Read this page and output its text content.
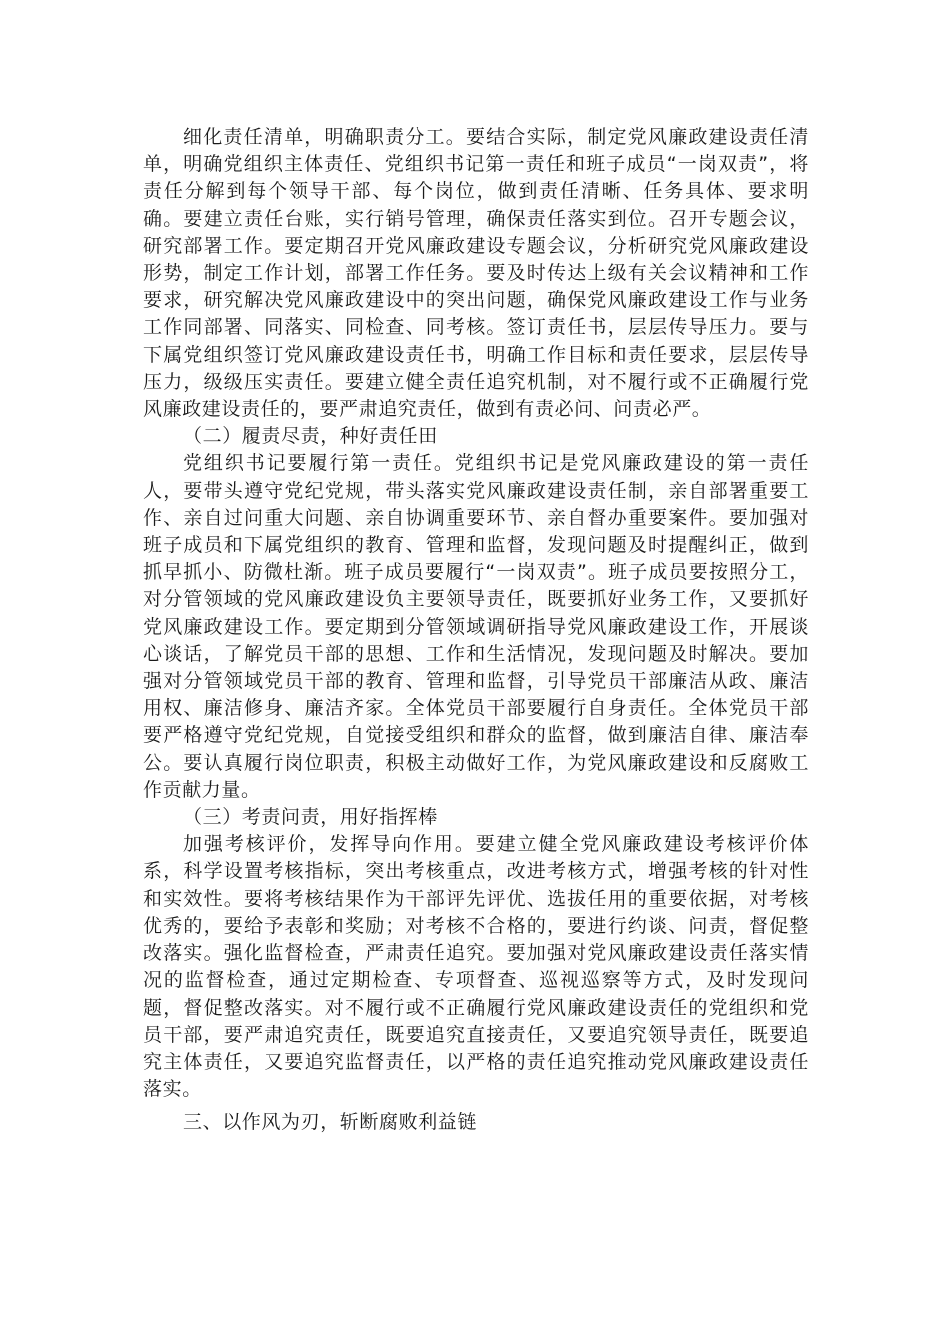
细化责任清单，明确职责分工。要结合实际，制定党风廉政建设责任清单，明确党组织主体责任、党组织书记第一责任和班子成员“一岗双责”，将责任分解到每个领导干部、每个岗位，做到责任清晰、任务具体、要求明确。要建立责任台账，实行销号管理，确保责任落实到位。召开专题会议，研究部署工作。要定期召开党风廉政建设专题会议，分析研究党风廉政建设形势，制定工作计划，部署工作任务。要及时传达上级有关会议精神和工作要求，研究解决党风廉政建设中的突出问题，确保党风廉政建设工作与业务工作同部署、同落实、同检查、同考核。签订责任书，层层传导压力。要与下属党组织签订党风廉政建设责任书，明确工作目标和责任要求，层层传导压力，级级压实责任。要建立健全责任追究机制，对不履行或不正确履行党风廉政建设责任的，要严肃追究责任，做到有责必问、问责必严。

（二）履责尽责，种好责任田

党组织书记要履行第一责任。党组织书记是党风廉政建设的第一责任人，要带头遵守党纪党规，带头落实党风廉政建设责任制，亲自部署重要工作、亲自过问重大问题、亲自协调重要环节、亲自督办重要案件。要加强对班子成员和下属党组织的教育、管理和监督，发现问题及时提醒纠正，做到抓早抓小、防微杜渐。班子成员要履行“一岗双责”。班子成员要按照分工，对分管领域的党风廉政建设负主要领导责任，既要抓好业务工作，又要抓好党风廉政建设工作。要定期到分管领域调研指导党风廉政建设工作，开展谈心谈话，了解党员干部的思想、工作和生活情况，发现问题及时解决。要加强对分管领域党员干部的教育、管理和监督，引导党员干部廉洁从政、廉洁用权、廉洁修身、廉洁齐家。全体党员干部要履行自身责任。全体党员干部要严格遵守党纪党规，自觉接受组织和群众的监督，做到廉洁自律、廉洁奉公。要认真履行岗位职责，积极主动做好工作，为党风廉政建设和反腐败工作贡献力量。

（三）考责问责，用好指挥棒

加强考核评价，发挥导向作用。要建立健全党风廉政建设考核评价体系，科学设置考核指标，突出考核重点，改进考核方式，增强考核的针对性和实效性。要将考核结果作为干部评先评优、选拔任用的重要依据，对考核优秀的，要给予表彰和奖励；对考核不合格的，要进行约谈、问责，督促整改落实。强化监督检查，严肃责任追究。要加强对党风廉政建设责任落实情况的监督检查，通过定期检查、专项督查、巡视巡察等方式，及时发现问题，督促整改落实。对不履行或不正确履行党风廉政建设责任的党组织和党员干部，要严肃追究责任，既要追究直接责任，又要追究领导责任，既要追究主体责任，又要追究监督责任，以严格的责任追究推动党风廉政建设责任落实。

三、以作风为刃，斩断腐败利益链
